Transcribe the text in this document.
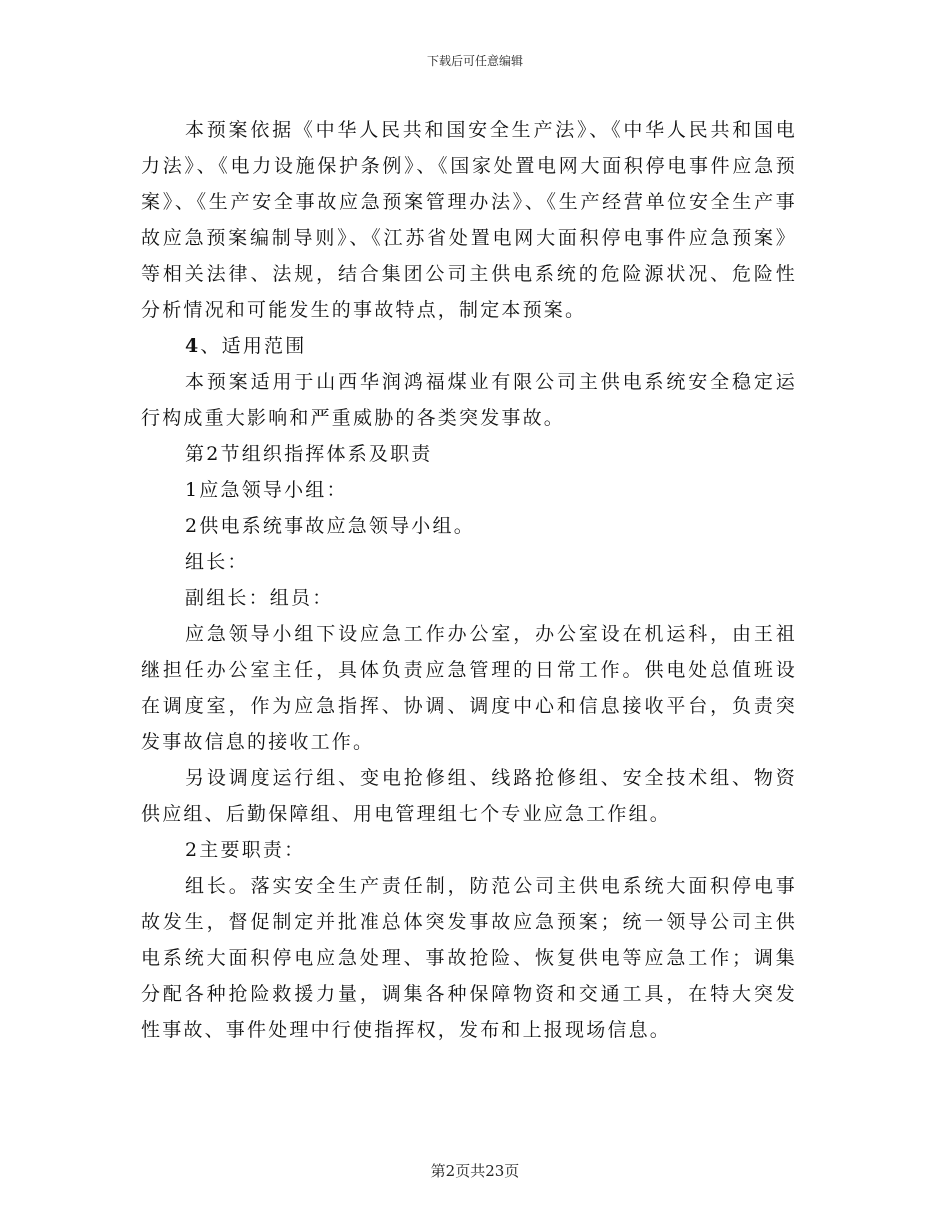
下载后可任意编辑

本预案依据《中华人民共和国安全生产法》、《中华人民共和国电力法》、《电力设施保护条例》、《国家处置电网大面积停电事件应急预案》、《生产安全事故应急预案管理办法》、《生产经营单位安全生产事故应急预案编制导则》、《江苏省处置电网大面积停电事件应急预案》等相关法律、法规，结合集团公司主供电系统的危险源状况、危险性分析情况和可能发生的事故特点，制定本预案。

4、适用范围

本预案适用于山西华润鸿福煤业有限公司主供电系统安全稳定运行构成重大影响和严重威胁的各类突发事故。

第2节组织指挥体系及职责

1应急领导小组：

2供电系统事故应急领导小组。

组长：

副组长：组员：

应急领导小组下设应急工作办公室，办公室设在机运科，由王祖继担任办公室主任，具体负责应急管理的日常工作。供电处总值班设在调度室，作为应急指挥、协调、调度中心和信息接收平台，负责突发事故信息的接收工作。

另设调度运行组、变电抢修组、线路抢修组、安全技术组、物资供应组、后勤保障组、用电管理组七个专业应急工作组。

2主要职责：

组长。落实安全生产责任制，防范公司主供电系统大面积停电事故发生，督促制定并批准总体突发事故应急预案；统一领导公司主供电系统大面积停电应急处理、事故抢险、恢复供电等应急工作；调集分配各种抢险救援力量，调集各种保障物资和交通工具，在特大突发性事故、事件处理中行使指挥权，发布和上报现场信息。

第2页共23页
